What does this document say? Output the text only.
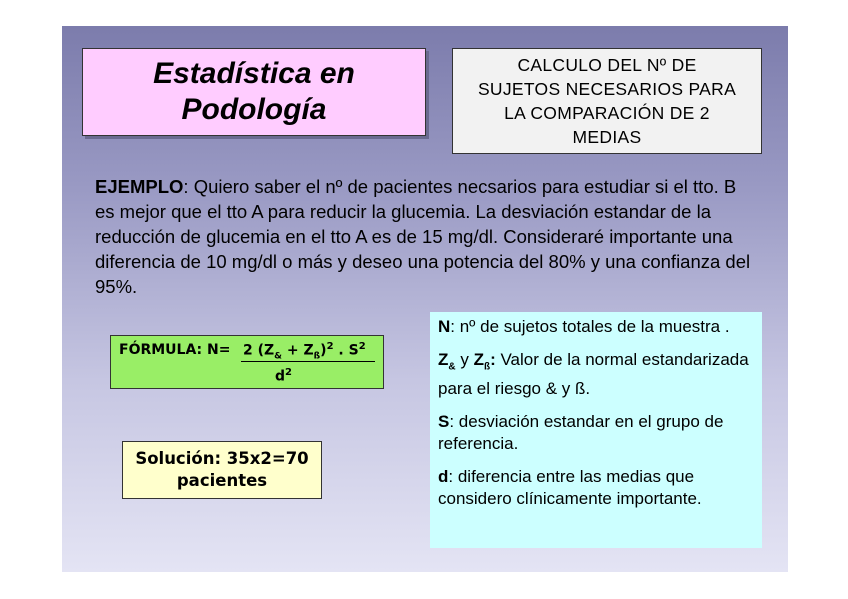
Estadística en
Podología
CALCULO DEL Nº DE
SUJETOS NECESARIOS PARA
LA COMPARACIÓN DE 2
MEDIAS
EJEMPLO: Quiero saber el nº de pacientes necsarios para estudiar si el tto. B es mejor que el tto A para reducir la glucemia. La desviación estandar de la reducción de glucemia en el tto A es de 15 mg/dl. Consideraré importante una diferencia de 10 mg/dl o más y deseo una potencia del 80% y una confianza del 95%.
FÓRMULA: N= 2 $(Z_{\&} + Z_ß)^2$ . $S^2$
$d^2$
Solución: 35x2=70
pacientes

N: nº de sujetos totales de la muestra .

$Z_{\&}$ y $Z_ß$: Valor de la normal estandarizada para el riesgo & y ß.

S: desviación estandar en el grupo de referencia.

d: diferencia entre las medias que considero clínicamente importante.
